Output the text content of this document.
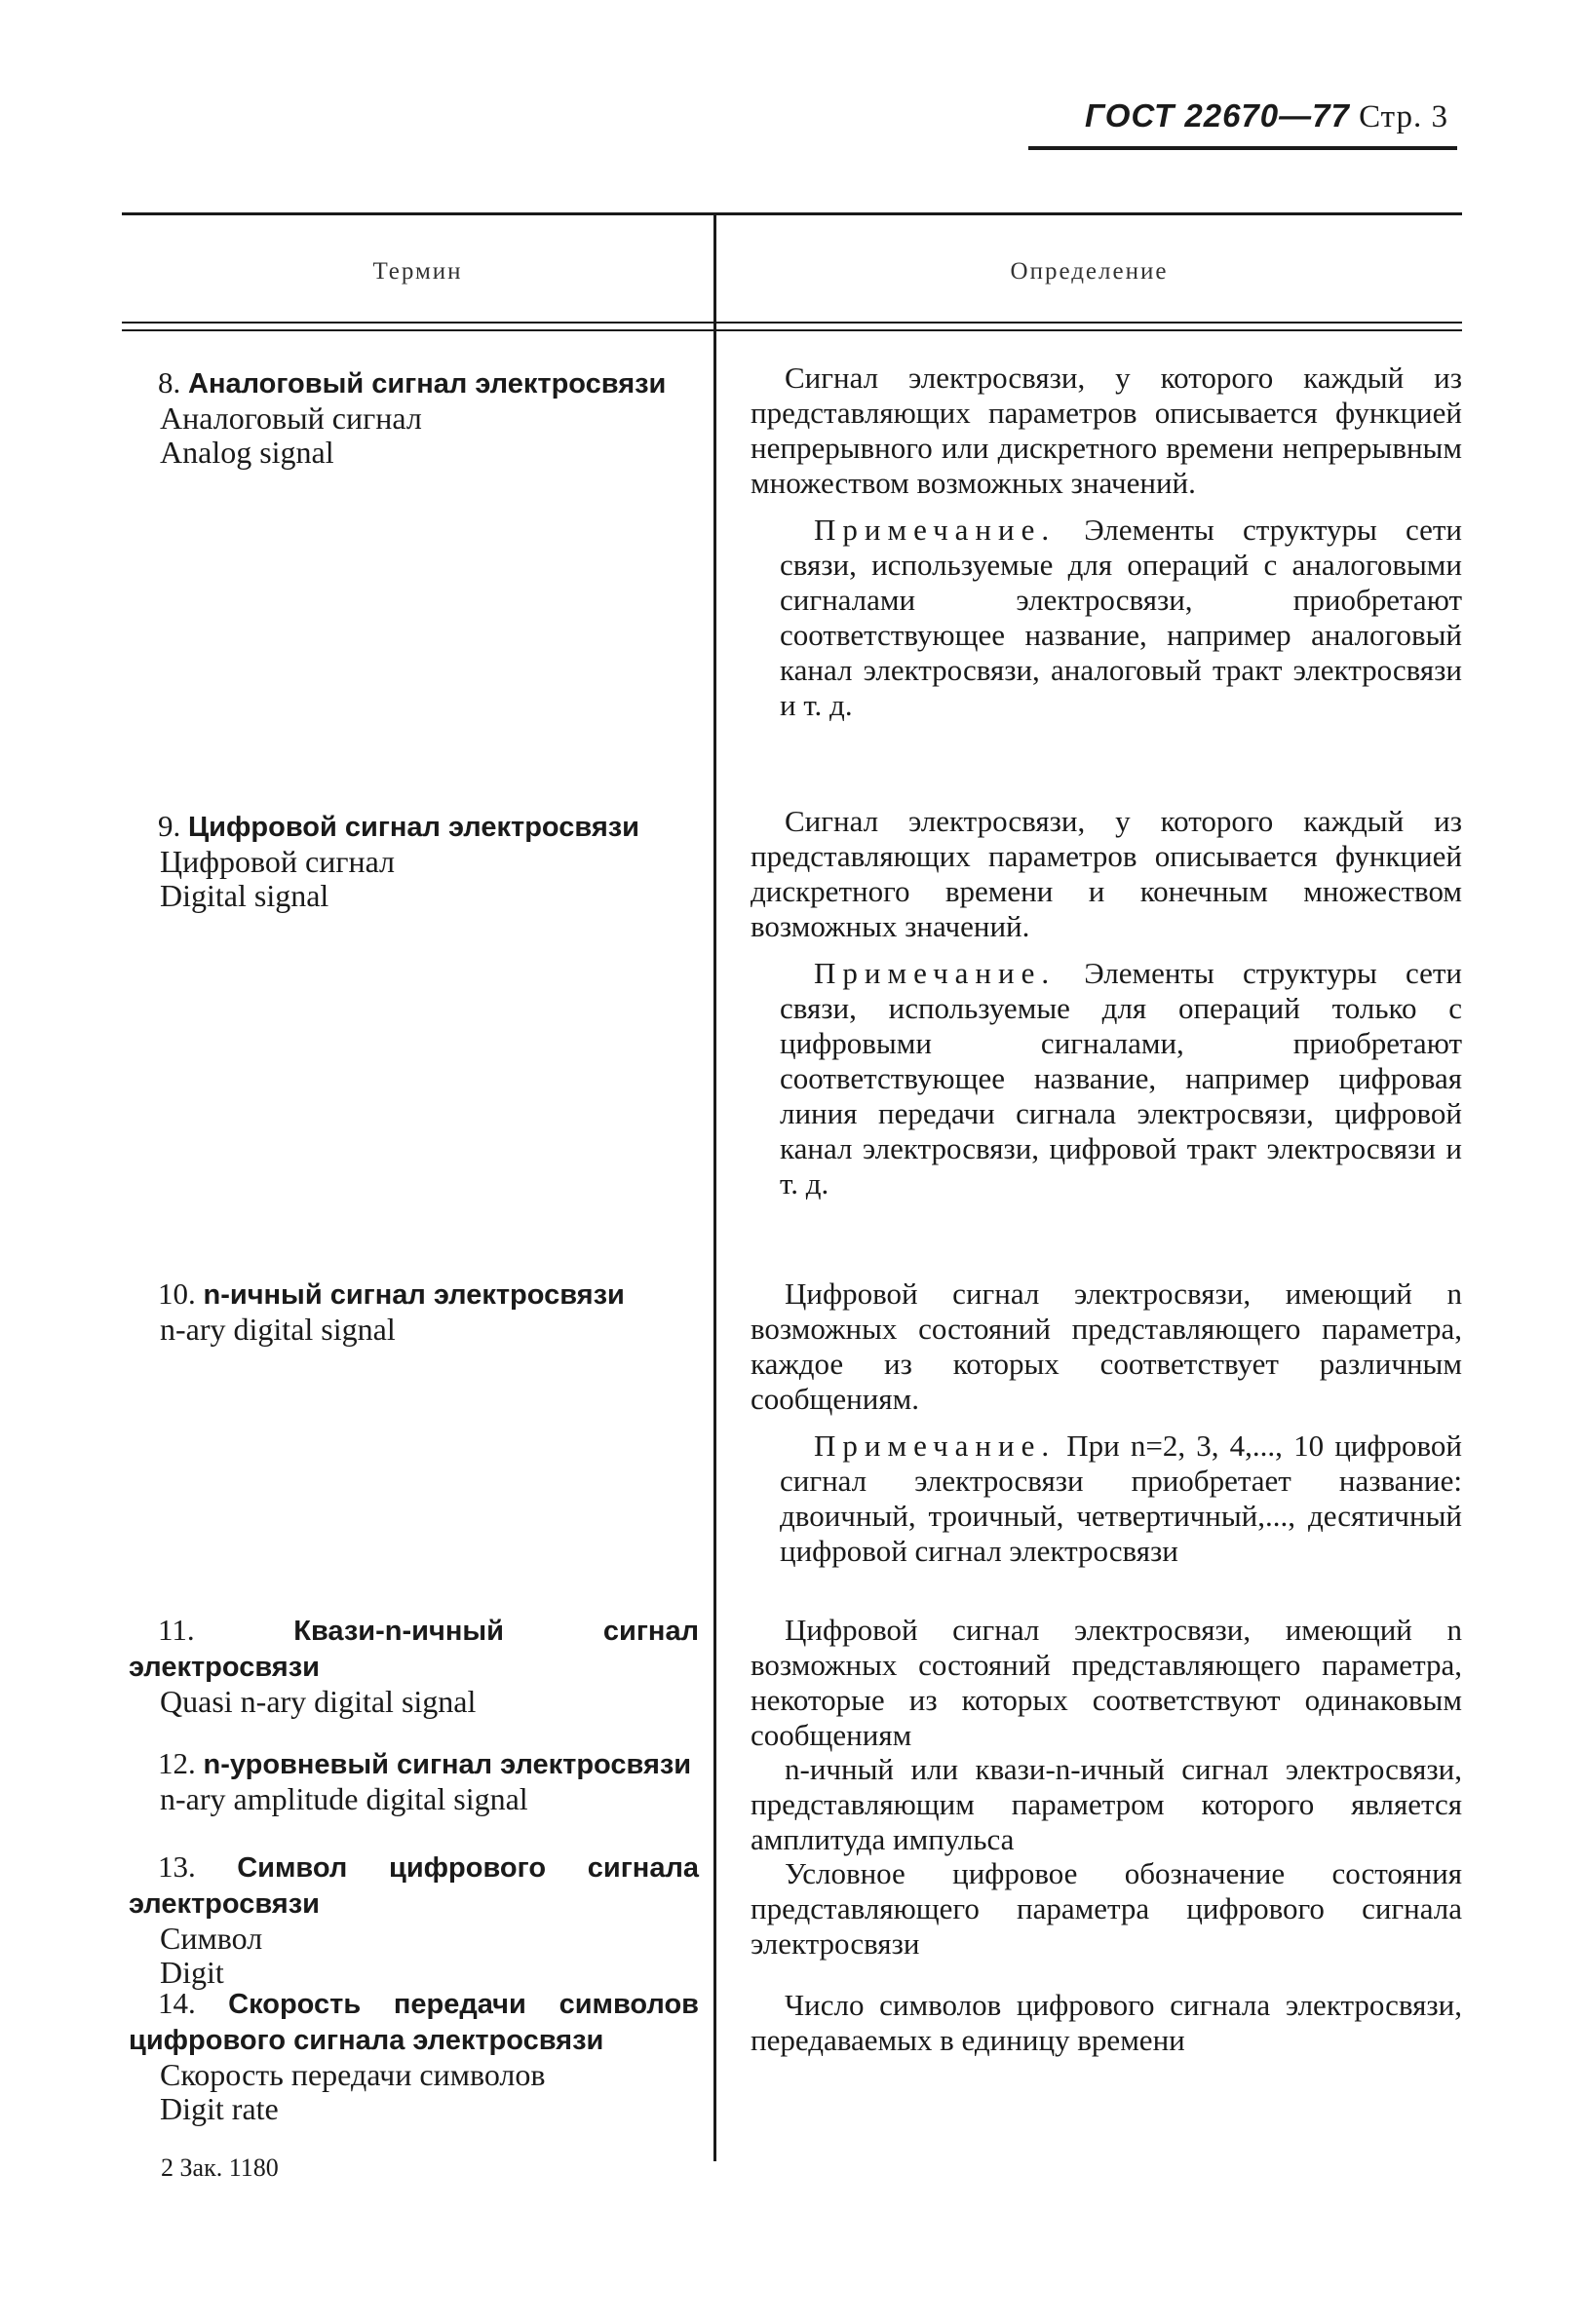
ГОСТ 22670—77 Стр. 3
Термин	Определение
8. Аналоговый сигнал электросвязи
Аналоговый сигнал
Analog signal
Сигнал электросвязи, у которого каждый из представляющих параметров описывается функцией непрерывного или дискретного времени непрерывным множеством возможных значений.
Примечание. Элементы структуры сети связи, используемые для операций с аналоговыми сигналами электросвязи, приобретают соответствующее название, например аналоговый канал электросвязи, аналоговый тракт электросвязи и т. д.
9. Цифровой сигнал электросвязи
Цифровой сигнал
Digital signal
Сигнал электросвязи, у которого каждый из представляющих параметров описывается функцией дискретного времени и конечным множеством возможных значений.
Примечание. Элементы структуры сети связи, используемые для операций только с цифровыми сигналами, приобретают соответствующее название, например цифровая линия передачи сигнала электросвязи, цифровой канал электросвязи, цифровой тракт электросвязи и т. д.
10. n-ичный сигнал электросвязи
n-ary digital signal
Цифровой сигнал электросвязи, имеющий n возможных состояний представляющего параметра, каждое из которых соответствует различным сообщениям.
Примечание. При n=2, 3, 4,..., 10 цифровой сигнал электросвязи приобретает название: двоичный, троичный, четвертичный,..., десятичный цифровой сигнал электросвязи
11.	Квази-n-ичный сигнал электросвязи
Quasi n-ary digital signal
Цифровой сигнал электросвязи, имеющий n возможных состояний представляющего параметра, некоторые из которых соответствуют одинаковым сообщениям
12. n-уровневый сигнал электросвязи
n-ary amplitude digital signal
n-ичный или квази-n-ичный сигнал электросвязи, представляющим параметром которого является амплитуда импульса
13. Символ цифрового сигнала электросвязи
Символ
Digit
Условное цифровое обозначение состояния представляющего параметра цифрового сигнала электросвязи
14. Скорость передачи символов цифрового сигнала электросвязи
Скорость передачи символов
Digit rate
Число символов цифрового сигнала электросвязи, передаваемых в единицу времени
2 Зак. 1180
